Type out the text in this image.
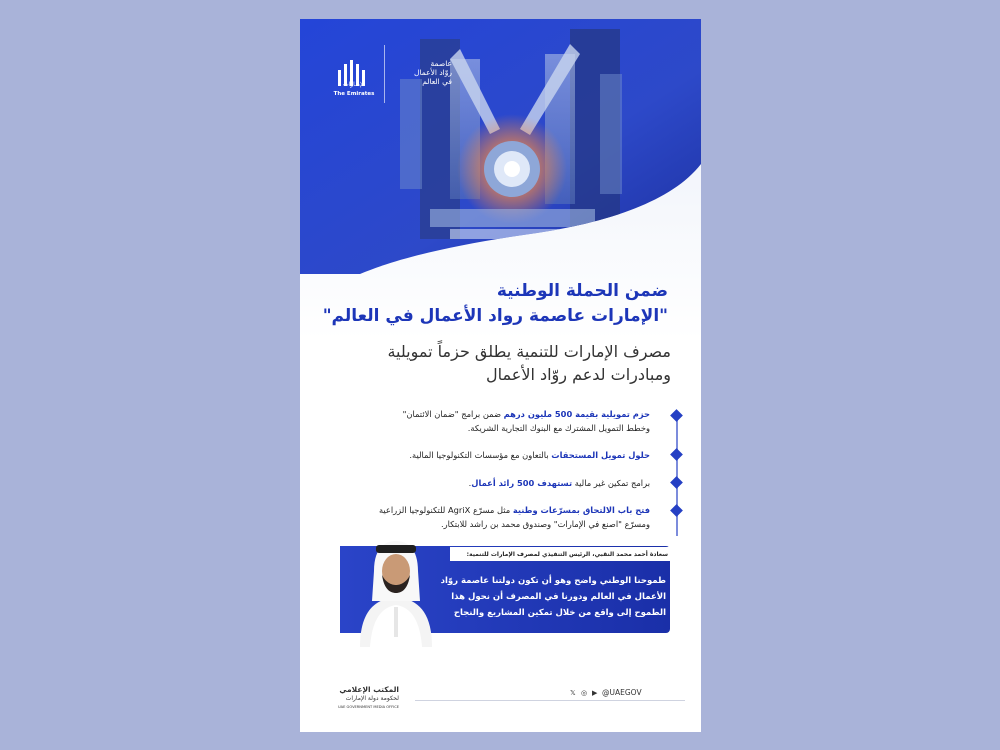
الإمـارات
The Emirates
عاصمة
روّاد الأعمال
في العالم
ضمن الحملة الوطنية
"الإمارات عاصمة رواد الأعمال في العالم"
مصرف الإمارات للتنمية يطلق حزماً تمويلية
ومبادرات لدعم روّاد الأعمال
حزم تمويلية بقيمة 500 مليون درهم ضمن برامج "ضمان الائتمان"
وخطط التمويل المشترك مع البنوك التجارية الشريكة.
حلول تمويل المستحقات بالتعاون مع مؤسسات التكنولوجيا المالية.
برامج تمكين غير مالية تستهدف 500 رائد أعمال.
فتح باب الالتحاق بمسرّعات وطنية مثل مسرّع AgriX للتكنولوجيا الزراعية
ومسرّع "اصنع في الإمارات" وصندوق محمد بن راشد للابتكار.
سعادة أحمد محمد النقبي، الرئيس التنفيذي لمصرف الإمارات للتنمية:
طموحنا الوطني واضح وهو أن تكون دولتنا عاصمة روّاد
الأعمال في العالم ودورنا في المصرف أن نحول هذا
الطموح إلى واقع من خلال تمكين المشاريع والنجاح
𝕏 ◎ ▶ @UAEGOV
المكتب الإعلامي
لحكومة دولة الإمارات
UAE GOVERNMENT MEDIA OFFICE
